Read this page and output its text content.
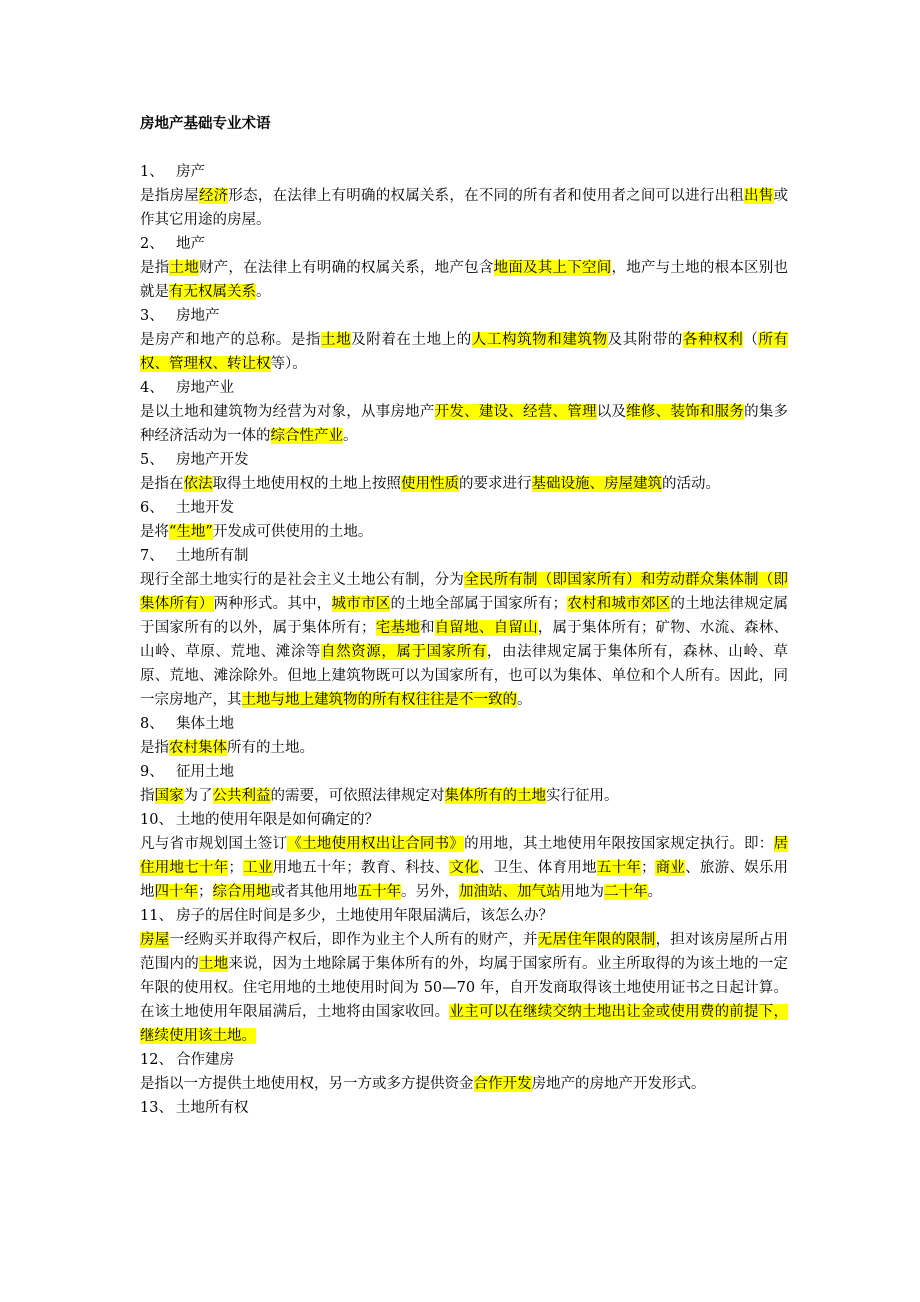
房地产基础专业术语
1、 房产

是指房屋经济形态，在法律上有明确的权属关系，在不同的所有者和使用者之间可以进行出租出售或作其它用途的房屋。

2、 地产

是指土地财产，在法律上有明确的权属关系，地产包含地面及其上下空间，地产与土地的根本区别也就是有无权属关系。

3、 房地产

是房产和地产的总称。是指土地及附着在土地上的人工构筑物和建筑物及其附带的各种权利（所有权、管理权、转让权等）。

4、 房地产业

是以土地和建筑物为经营为对象，从事房地产开发、建设、经营、管理以及维修、装饰和服务的集多种经济活动为一体的综合性产业。

5、 房地产开发

是指在依法取得土地使用权的土地上按照使用性质的要求进行基础设施、房屋建筑的活动。

6、 土地开发

是将“生地”开发成可供使用的土地。

7、 土地所有制

现行全部土地实行的是社会主义土地公有制，分为全民所有制（即国家所有）和劳动群众集体制（即集体所有）两种形式。其中，城市市区的土地全部属于国家所有；农村和城市郊区的土地法律规定属于国家所有的以外，属于集体所有；宅基地和自留地、自留山，属于集体所有；矿物、水流、森林、山岭、草原、荒地、滩涂等自然资源，属于国家所有，由法律规定属于集体所有，森林、山岭、草原、荒地、滩涂除外。但地上建筑物既可以为国家所有，也可以为集体、单位和个人所有。因此，同一宗房地产，其土地与地上建筑物的所有权往往是不一致的。

8、 集体土地

是指农村集体所有的土地。

9、 征用土地

指国家为了公共利益的需要，可依照法律规定对集体所有的土地实行征用。

10、 土地的使用年限是如何确定的？

凡与省市规划国土签订《土地使用权出让合同书》的用地，其土地使用年限按国家规定执行。即：居住用地七十年；工业用地五十年；教育、科技、文化、卫生、体育用地五十年；商业、旅游、娱乐用地四十年；综合用地或者其他用地五十年。另外，加油站、加气站用地为二十年。

11、 房子的居住时间是多少，土地使用年限届满后，该怎么办？

房屋一经购买并取得产权后，即作为业主个人所有的财产，并无居住年限的限制，担对该房屋所占用范围内的土地来说，因为土地除属于集体所有的外，均属于国家所有。业主所取得的为该土地的一定年限的使用权。住宅用地的土地使用时间为 50—70 年，自开发商取得该土地使用证书之日起计算。在该土地使用年限届满后，土地将由国家收回。业主可以在继续交纳土地出让金或使用费的前提下，继续使用该土地。

12、 合作建房

是指以一方提供土地使用权，另一方或多方提供资金合作开发房地产的房地产开发形式。

13、 土地所有权
